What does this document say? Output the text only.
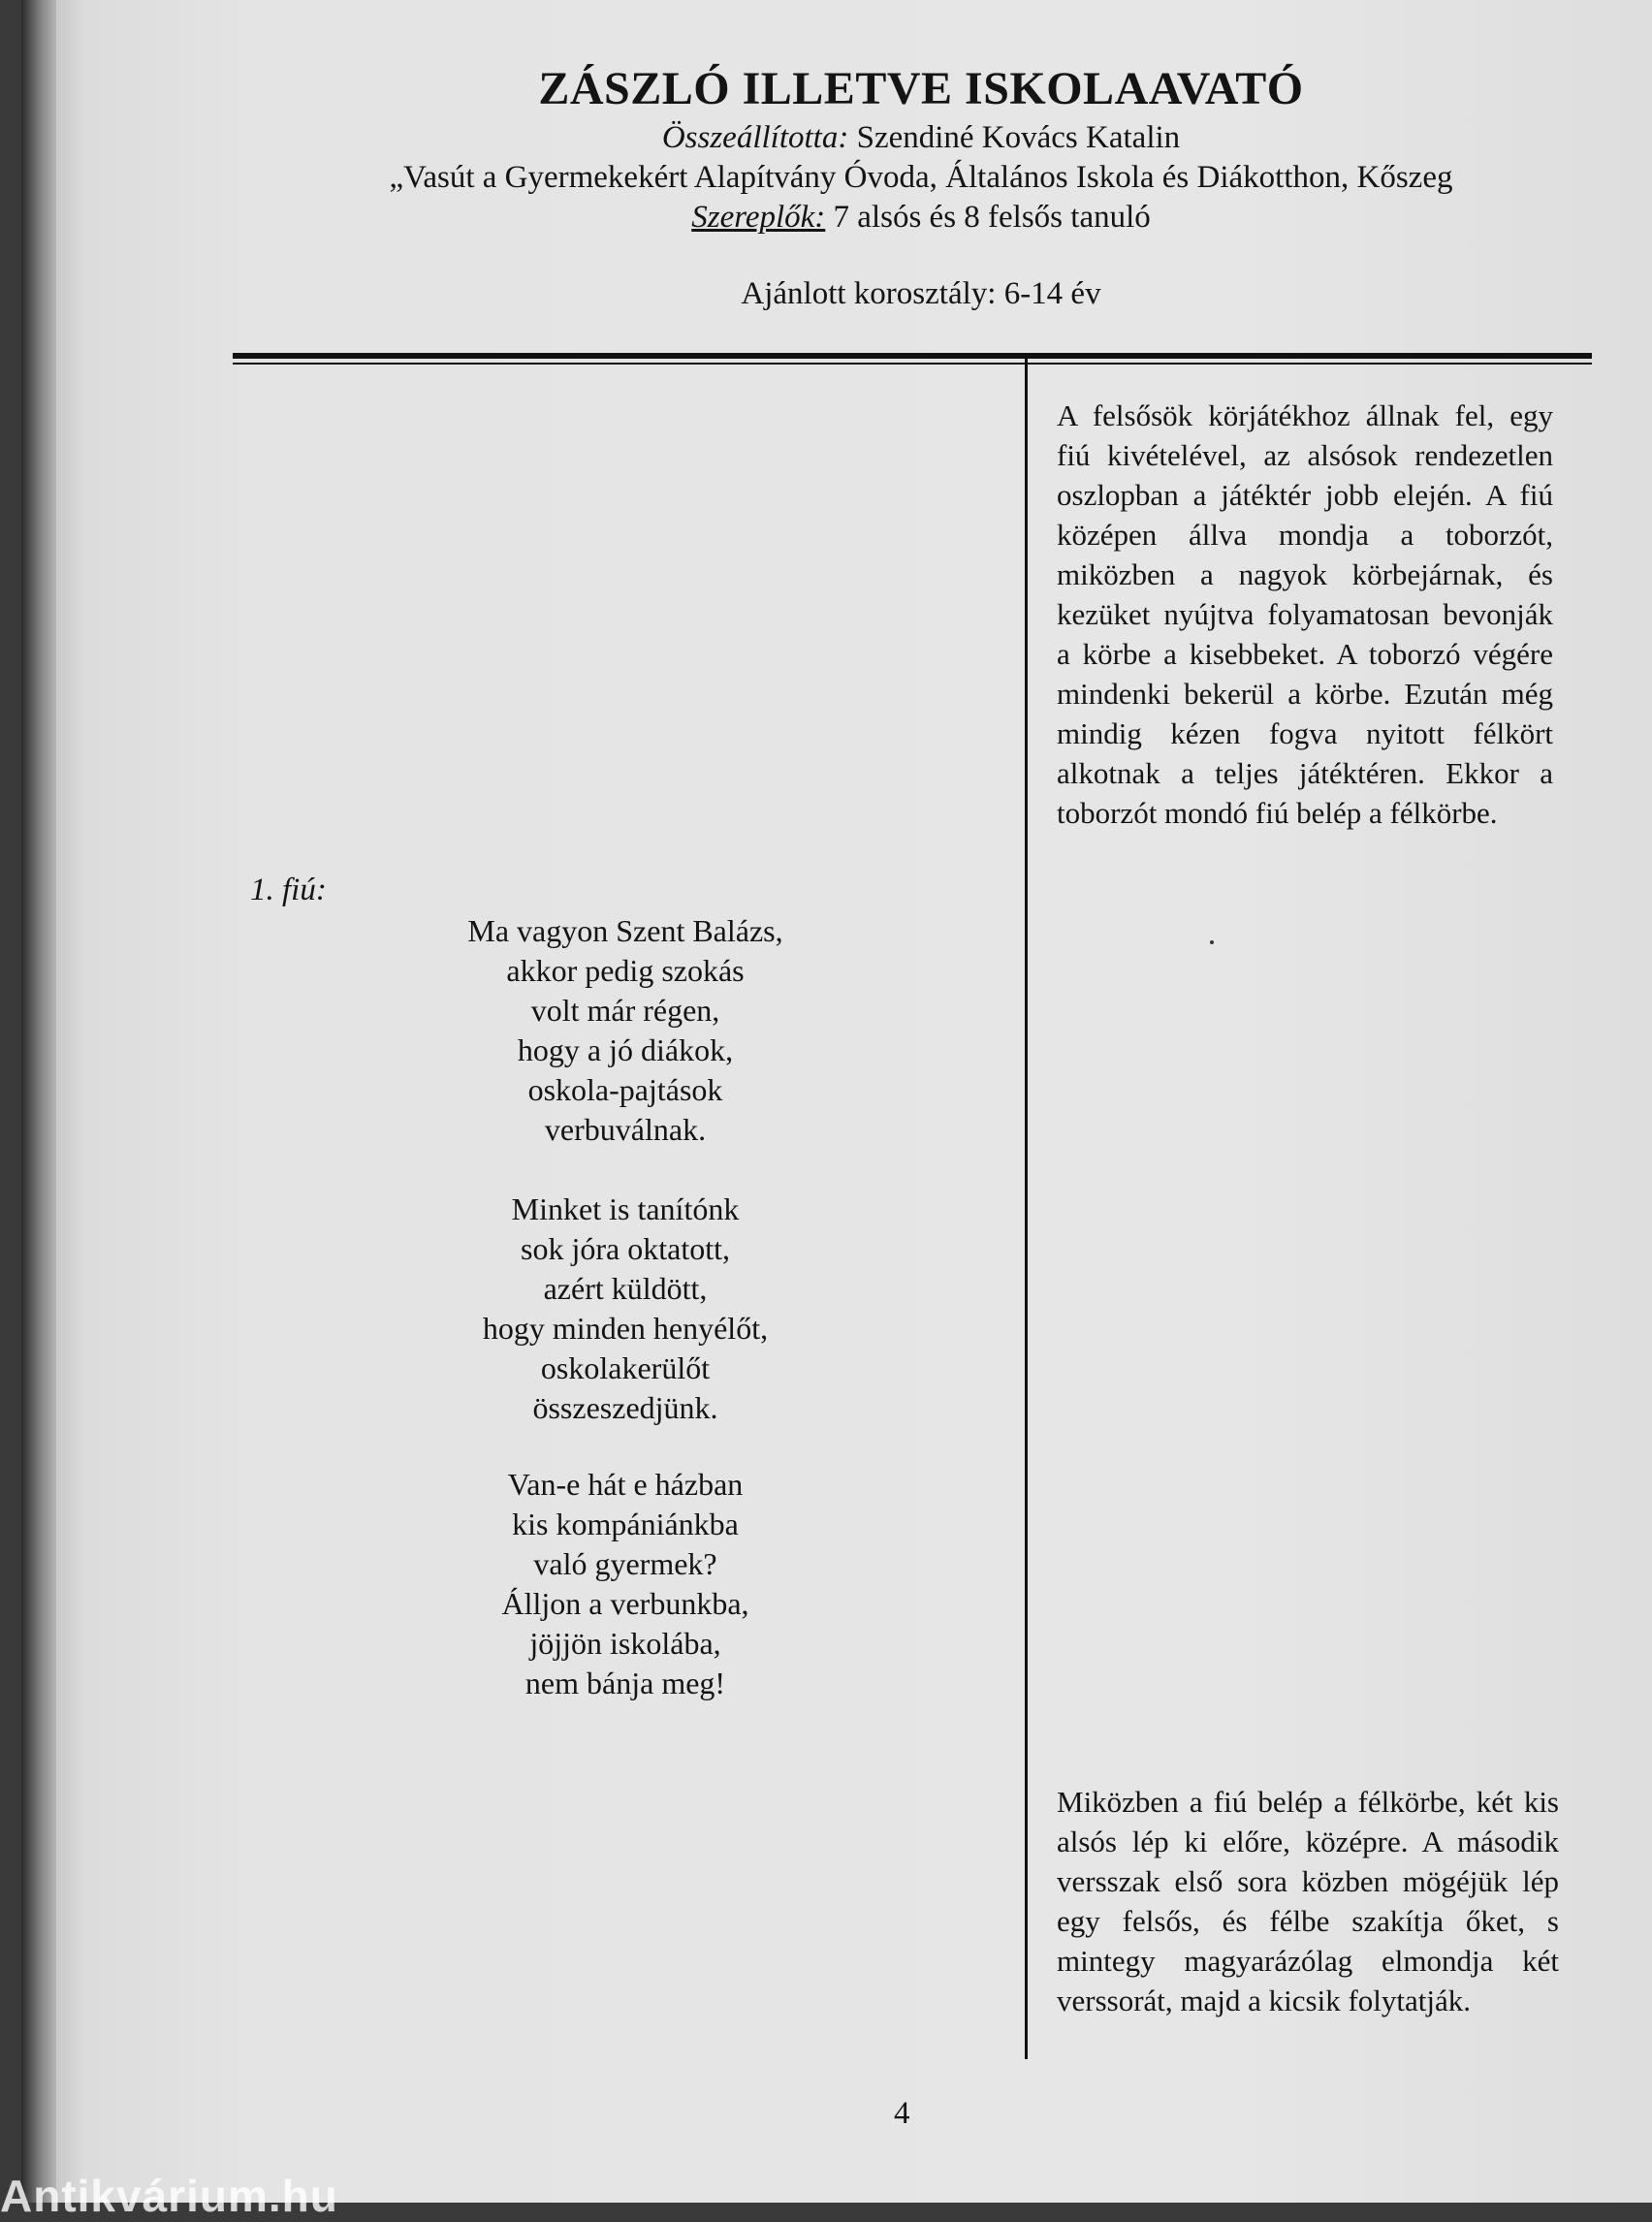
ZÁSZLÓ ILLETVE ISKOLAAVATÓ
Összeállította: Szendiné Kovács Katalin
„Vasút a Gyermekekért Alapítvány Óvoda, Általános Iskola és Diákotthon, Kőszeg
Szereplők: 7 alsós és 8 felsős tanuló
Ajánlott korosztály: 6-14 év
A felsősök körjátékhoz állnak fel, egy fiú kivételével, az alsósok rendezetlen oszlopban a játéktér jobb elején. A fiú középen állva mondja a toborzót, miközben a nagyok körbejárnak, és kezüket nyújtva folyamatosan bevonják a körbe a kisebbeket. A toborzó végére mindenki bekerül a körbe. Ezután még mindig kézen fogva nyitott félkört alkotnak a teljes játéktéren. Ekkor a toborzót mondó fiú belép a félkörbe.
Miközben a fiú belép a félkörbe, két kis alsós lép ki előre, középre. A második versszak első sora közben mögéjük lép egy felsős, és félbe szakítja őket, s mintegy magyarázólag elmondja két verssorát, majd a kicsik folytatják.
1. fiú:
Ma vagyon Szent Balázs,
akkor pedig szokás
volt már régen,
hogy a jó diákok,
oskola-pajtások
verbuválnak.
Minket is tanítónk
sok jóra oktatott,
azért küldött,
hogy minden henyélőt,
oskolakerülőt
összeszedjünk.
Van-e hát e házban
kis kompániánkba
való gyermek?
Álljon a verbunkba,
jöjjön iskolába,
nem bánja meg!
4
Antikvárium.hu
